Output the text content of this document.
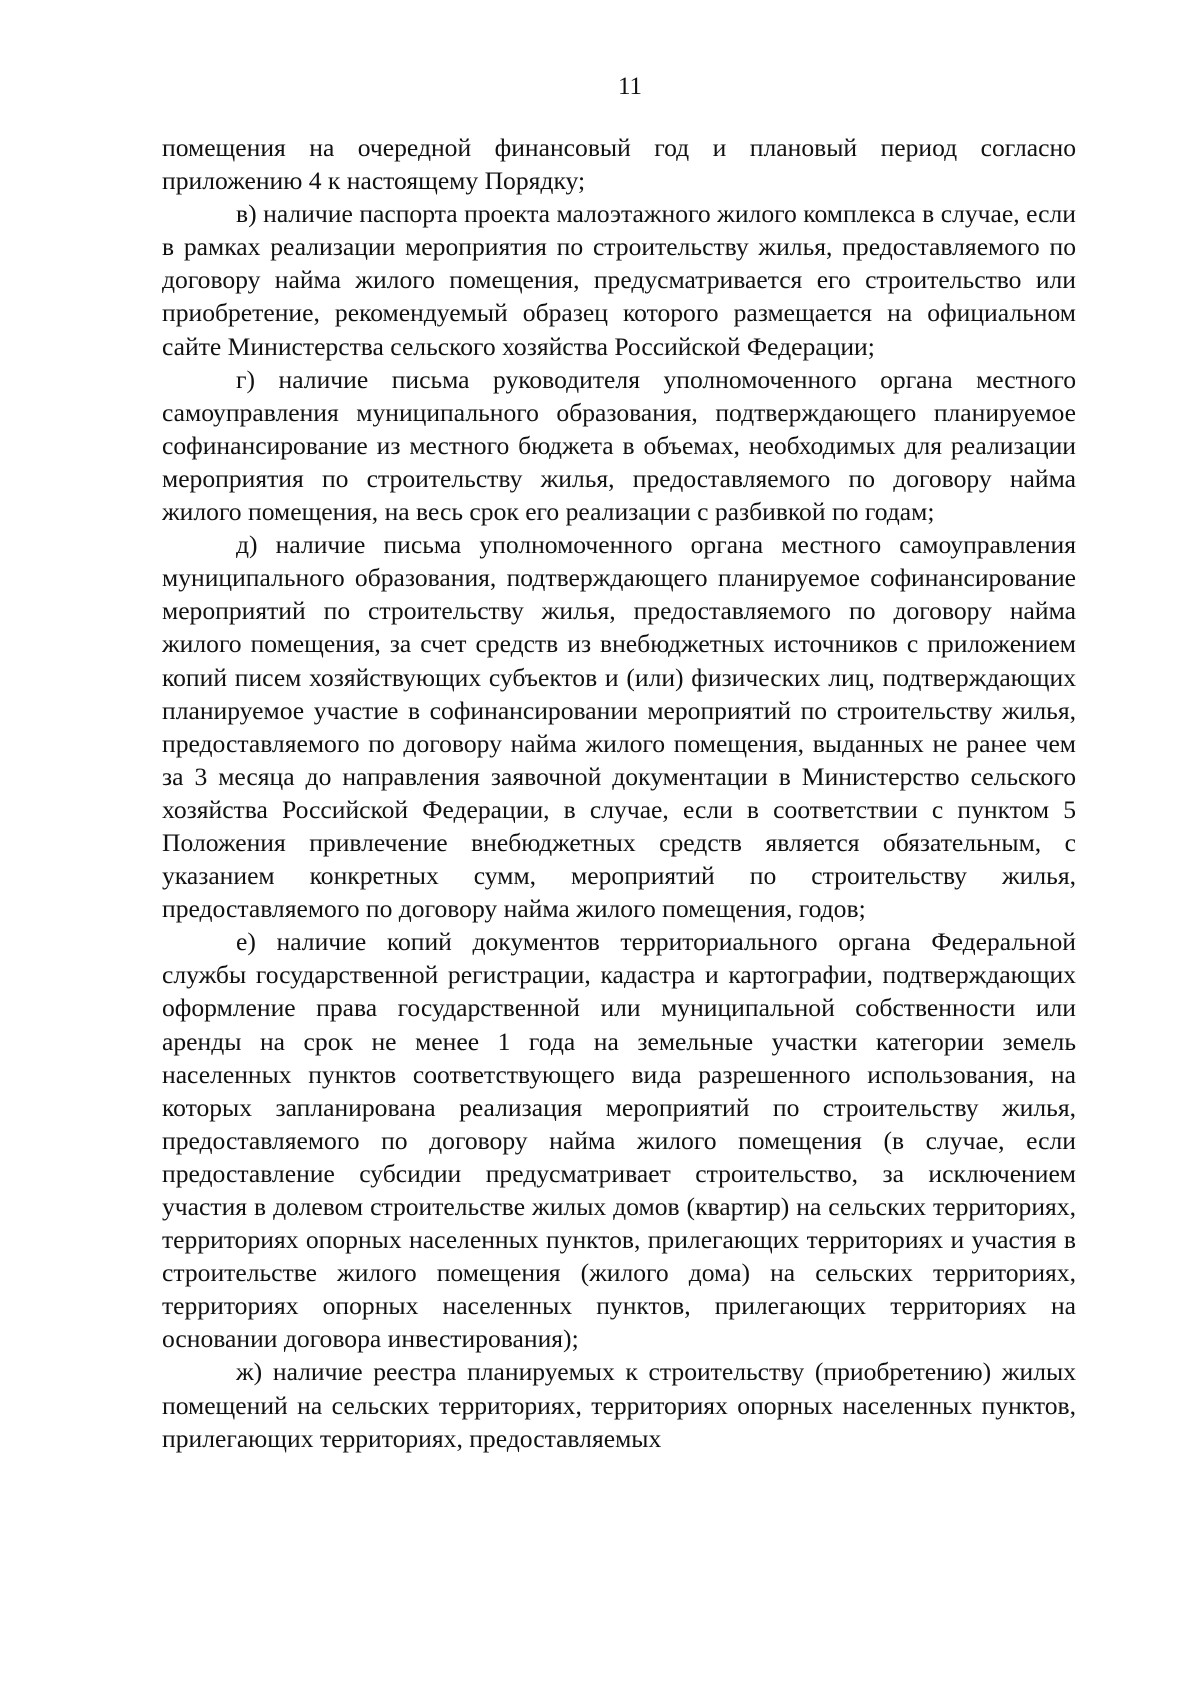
11

помещения на очередной финансовый год и плановый период согласно приложению 4 к настоящему Порядку;

в) наличие паспорта проекта малоэтажного жилого комплекса в случае, если в рамках реализации мероприятия по строительству жилья, предоставляемого по договору найма жилого помещения, предусматривается его строительство или приобретение, рекомендуемый образец которого размещается на официальном сайте Министерства сельского хозяйства Российской Федерации;

г) наличие письма руководителя уполномоченного органа местного самоуправления муниципального образования, подтверждающего планируемое софинансирование из местного бюджета в объемах, необходимых для реализации мероприятия по строительству жилья, предоставляемого по договору найма жилого помещения, на весь срок его реализации с разбивкой по годам;

д) наличие письма уполномоченного органа местного самоуправления муниципального образования, подтверждающего планируемое софинансирование мероприятий по строительству жилья, предоставляемого по договору найма жилого помещения, за счет средств из внебюджетных источников с приложением копий писем хозяйствующих субъектов и (или) физических лиц, подтверждающих планируемое участие в софинансировании мероприятий по строительству жилья, предоставляемого по договору найма жилого помещения, выданных не ранее чем за 3 месяца до направления заявочной документации в Министерство сельского хозяйства Российской Федерации, в случае, если в соответствии с пунктом 5 Положения привлечение внебюджетных средств является обязательным, с указанием конкретных сумм, мероприятий по строительству жилья, предоставляемого по договору найма жилого помещения, годов;

е) наличие копий документов территориального органа Федеральной службы государственной регистрации, кадастра и картографии, подтверждающих оформление права государственной или муниципальной собственности или аренды на срок не менее 1 года на земельные участки категории земель населенных пунктов соответствующего вида разрешенного использования, на которых запланирована реализация мероприятий по строительству жилья, предоставляемого по договору найма жилого помещения (в случае, если предоставление субсидии предусматривает строительство, за исключением участия в долевом строительстве жилых домов (квартир) на сельских территориях, территориях опорных населенных пунктов, прилегающих территориях и участия в строительстве жилого помещения (жилого дома) на сельских территориях, территориях опорных населенных пунктов, прилегающих территориях на основании договора инвестирования);

ж) наличие реестра планируемых к строительству (приобретению) жилых помещений на сельских территориях, территориях опорных населенных пунктов, прилегающих территориях, предоставляемых
